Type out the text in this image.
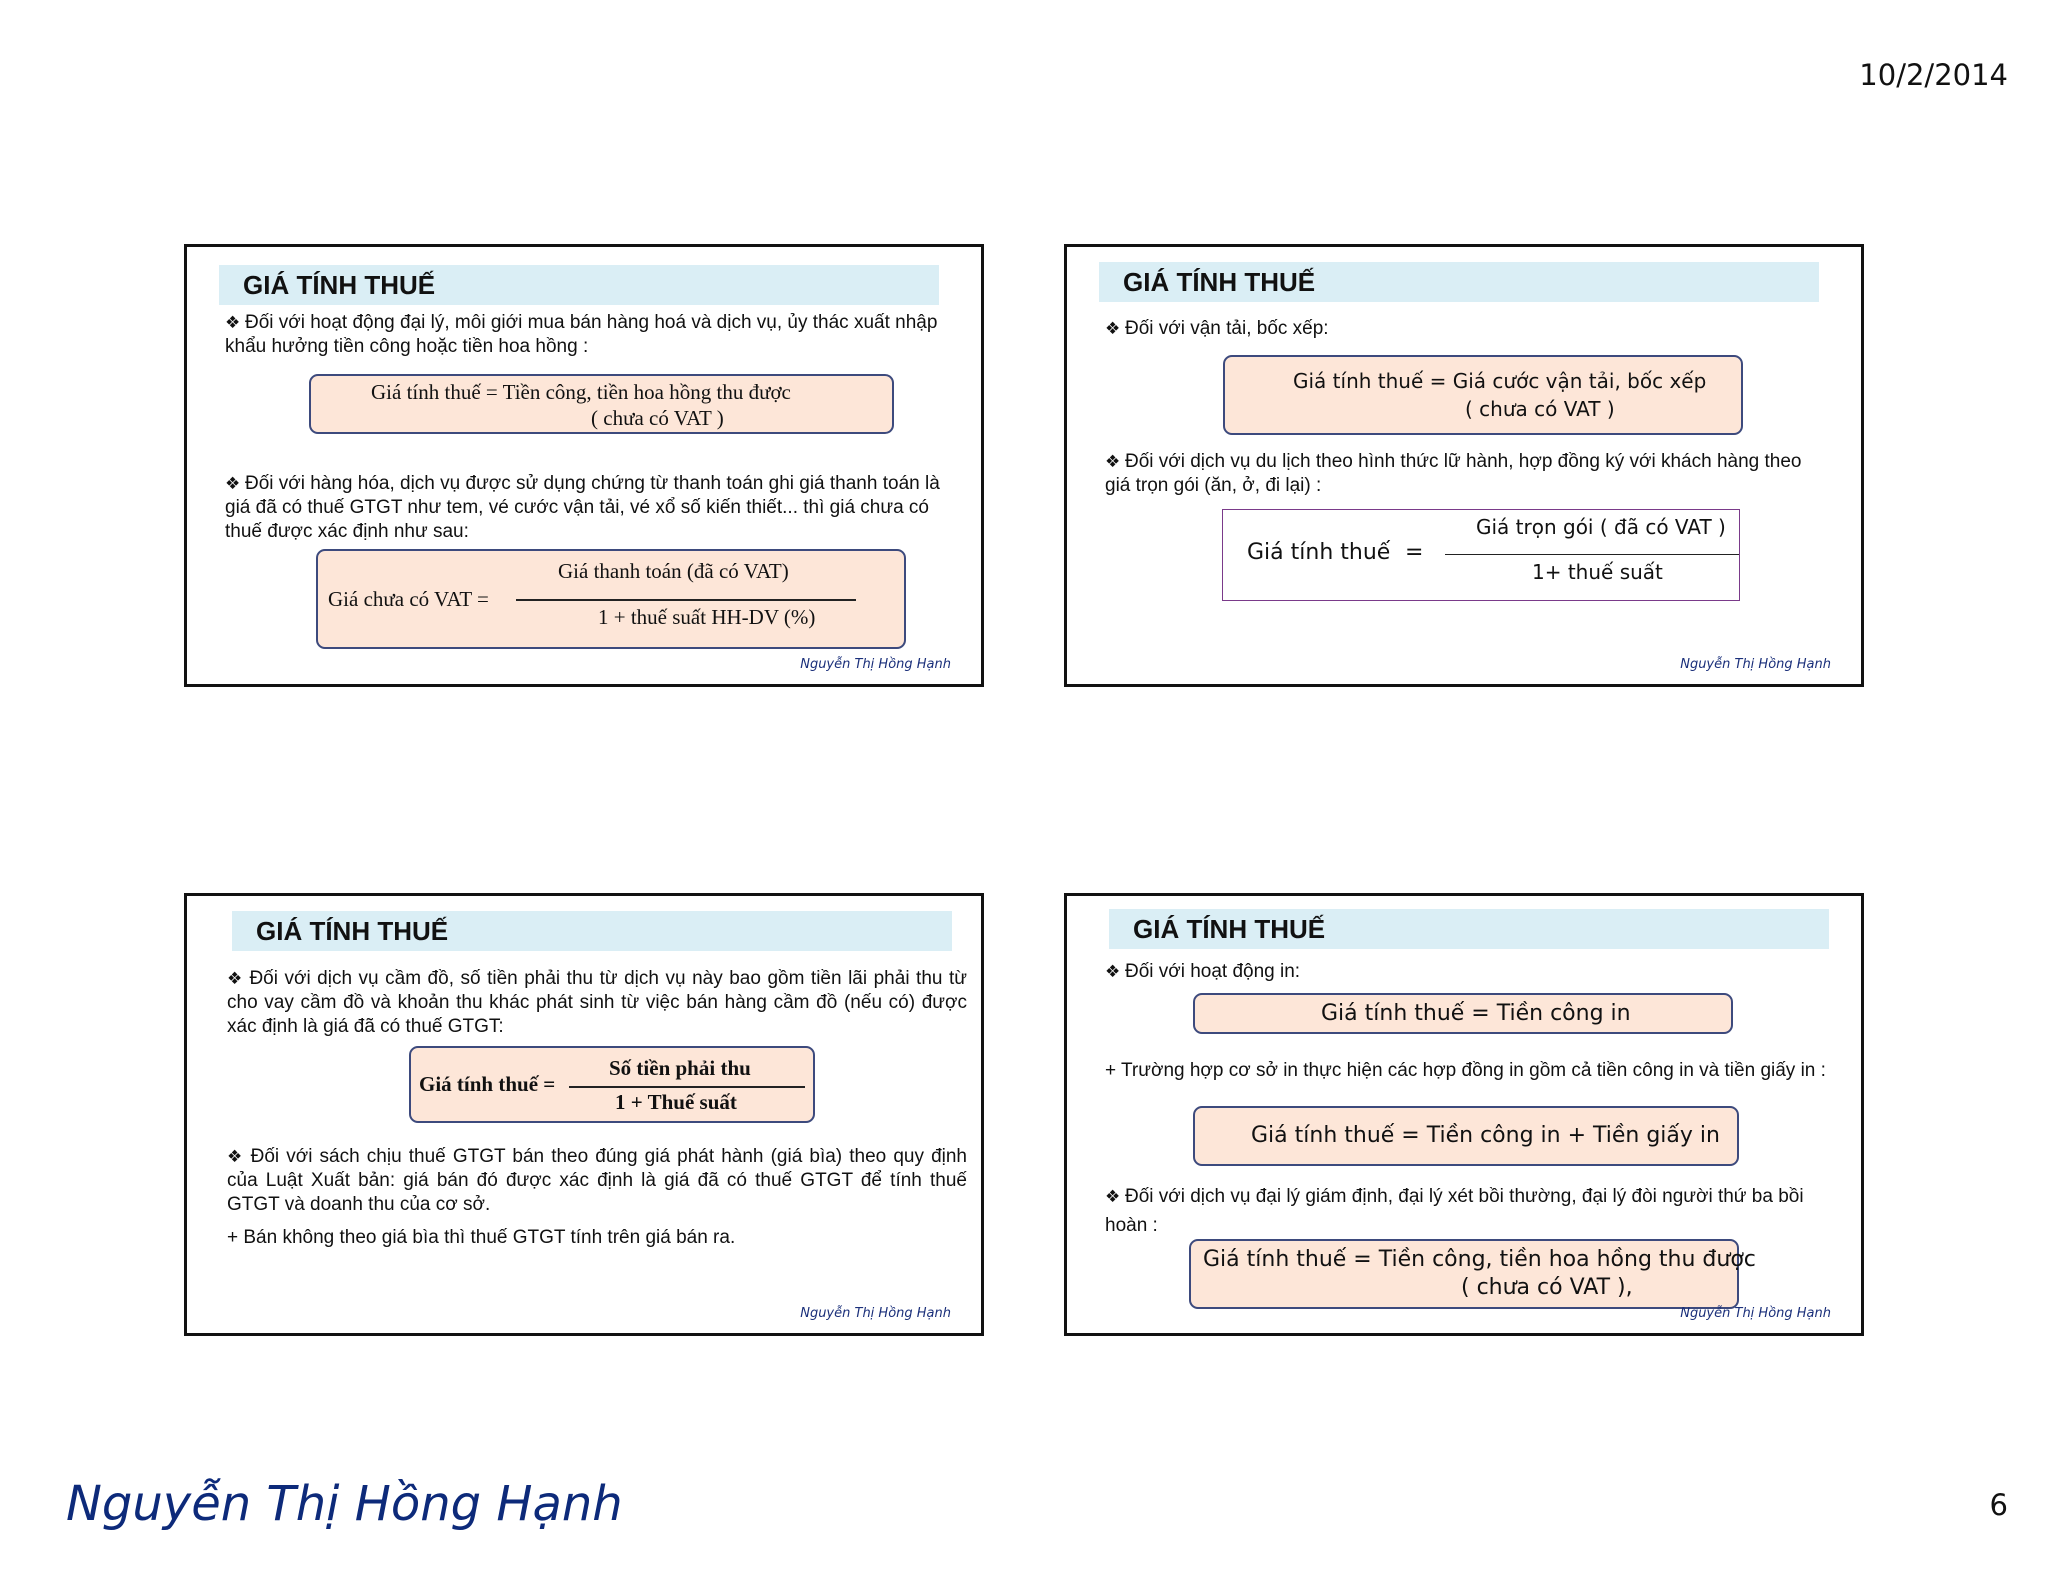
10/2/2014
GIÁ TÍNH THUẾ
❖ Đối với hoạt động đại lý, môi giới mua bán hàng hoá và dịch vụ, ủy thác xuất nhập khẩu hưởng tiền công hoặc tiền hoa hồng :
Giá tính thuế = Tiền công, tiền hoa hồng thu được
( chưa có VAT )
❖ Đối với hàng hóa, dịch vụ được sử dụng chứng từ thanh toán ghi giá thanh toán là giá đã có thuế GTGT như tem, vé cước vận tải, vé xổ số kiến thiết... thì giá chưa có thuế được xác định như sau:
Giá chưa có VAT =
Giá thanh toán (đã có VAT)
1 + thuế suất HH-DV (%)
Nguyễn Thị Hồng Hạnh
GIÁ TÍNH THUẾ
❖ Đối với vận tải, bốc xếp:
Giá tính thuế = Giá cước vận tải, bốc xếp
( chưa có VAT )
❖ Đối với dịch vụ du lịch theo hình thức lữ hành, hợp đồng ký với khách hàng theo giá trọn gói (ăn, ở, đi lại) :
Giá tính thuế =
Giá trọn gói ( đã có VAT )
1+ thuế suất
Nguyễn Thị Hồng Hạnh
GIÁ TÍNH THUẾ
❖ Đối với dịch vụ cầm đồ, số tiền phải thu từ dịch vụ này bao gồm tiền lãi phải thu từ cho vay cầm đồ và khoản thu khác phát sinh từ việc bán hàng cầm đồ (nếu có) được xác định là giá đã có thuế GTGT:
Giá tính thuế =
Số tiền phải thu
1 + Thuế suất
❖ Đối với sách chịu thuế GTGT bán theo đúng giá phát hành (giá bìa) theo quy định của Luật Xuất bản: giá bán đó được xác định là giá đã có thuế GTGT để tính thuế GTGT và doanh thu của cơ sở.
+ Bán không theo giá bìa thì thuế GTGT tính trên giá bán ra.
Nguyễn Thị Hồng Hạnh
GIÁ TÍNH THUẾ
❖ Đối với hoạt động in:
Giá tính thuế = Tiền công in
+ Trường hợp cơ sở in thực hiện các hợp đồng in gồm cả tiền công in và tiền giấy in :
Giá tính thuế = Tiền công in + Tiền giấy in
❖ Đối với dịch vụ đại lý giám định, đại lý xét bồi thường, đại lý đòi người thứ ba bồi hoàn :
Giá tính thuế = Tiền công, tiền hoa hồng thu được
( chưa có VAT ),
Nguyễn Thị Hồng Hạnh
Nguyễn Thị Hồng Hạnh	6
